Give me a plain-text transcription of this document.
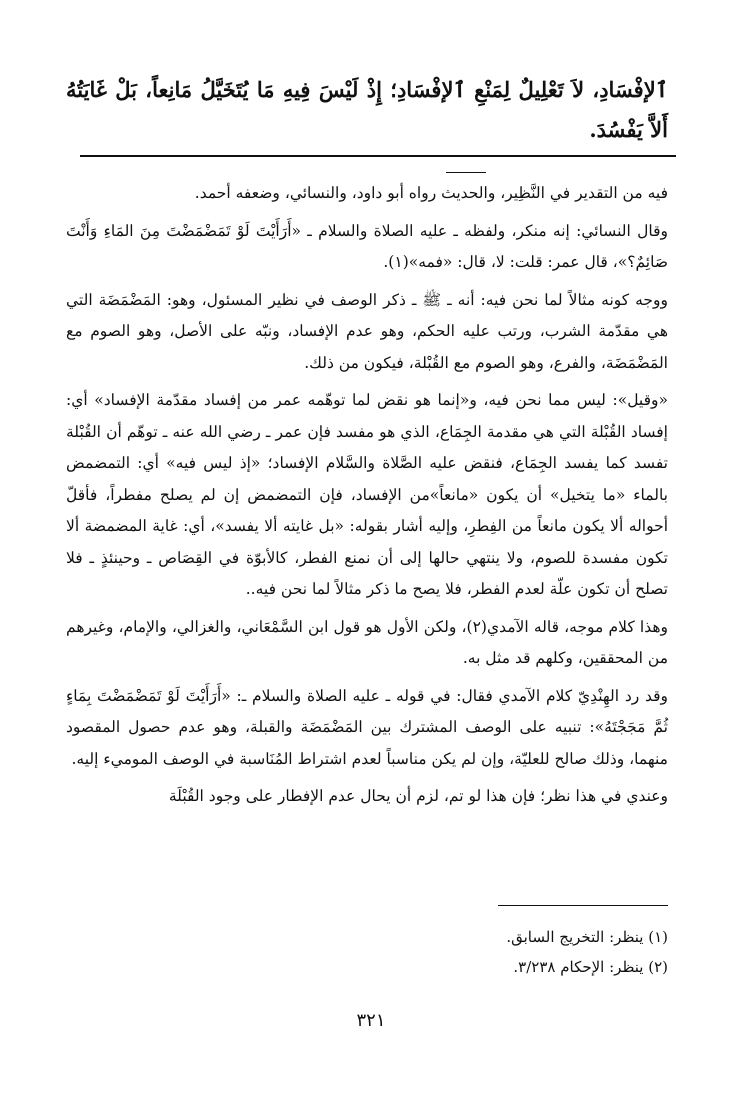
ٱلإفْسَادِ، لاَ تَعْلِيلٌ لِمَنْعِ ٱلإفْسَادِ؛ إِذْ لَيْسَ فِيهِ مَا يُتَخَيَّلُ مَانِعاً، بَلْ غَايَتُهُ أَلاَّ يَفْسُدَ.

فيه من التقدير في النَّظِير، والحديث رواه أبو داود، والنسائي، وضعفه أحمد.

وقال النسائي: إنه منكر، ولفظه ـ عليه الصلاة والسلام ـ «أَرَأَيْتَ لَوْ تَمَضْمَضْتَ مِنَ المَاءِ وَأَنْتَ صَائِمٌ؟»، قال عمر: قلت: لا، قال: «فمه»(١).

ووجه كونه مثالاً لما نحن فيه: أنه ـ ﷺ ـ ذكر الوصف في نظير المسئول، وهو: المَضْمَضَة التي هي مقدّمة الشرب، ورتب عليه الحكم، وهو عدم الإفساد، ونبّه على الأصل، وهو الصوم مع المَضْمَضَة، والفرع، وهو الصوم مع القُبْلة، فيكون من ذلك.

«وقيل»: ليس مما نحن فيه، و«إنما هو نقض لما توهّمه عمر من إفساد مقدّمة الإفساد» أي: إفساد القُبْلة التي هي مقدمة الجِمَاع، الذي هو مفسد فإن عمر ـ رضي الله عنه ـ توهّم أن القُبْلة تفسد كما يفسد الجِمَاع، فنقض عليه الصَّلاة والسَّلام الإفساد؛ «إذ ليس فيه» أي: التمضمض بالماء «ما يتخيل» أن يكون «مانعاً»من الإفساد، فإن التمضمض إن لم يصلح مفطراً، فأقلّ أحواله ألا يكون مانعاً من الفِطرِ، وإليه أشار بقوله: «بل غايته ألا يفسد»، أي: غاية المضمضة ألا تكون مفسدة للصوم، ولا ينتهي حالها إلى أن نمنع الفطر، كالأبوّة في القِصَاص ـ وحينئذٍ ـ فلا تصلح أن تكون علّة لعدم الفطر، فلا يصح ما ذكر مثالاً لما نحن فيه..

وهذا كلام موجه، قاله الآمدي(٢)، ولكن الأول هو قول ابن السَّمْعَاني، والغزالي، والإمام، وغيرهم من المحققين، وكلهم قد مثل به.

وقد رد الهِنْدِيّ كلام الآمدي فقال: في قوله ـ عليه الصلاة والسلام ـ: «أَرَأَيْتَ لَوْ تَمَضْمَضْتَ بِمَاءٍ ثُمَّ مَجَجْتَهُ»: تنبيه على الوصف المشترك بين المَضْمَضَة والقبلة، وهو عدم حصول المقصود منهما، وذلك صالح للعليّة، وإن لم يكن مناسباً لعدم اشتراط المُنَاسبة في الوصف الموميء إليه.

وعندي في هذا نظر؛ فإن هذا لو تم، لزم أن يحال عدم الإفطار على وجود القُبْلَة

(١) ينظر: التخريج السابق.
(٢) ينظر: الإحكام ٣/٢٣٨.
٣٢١
